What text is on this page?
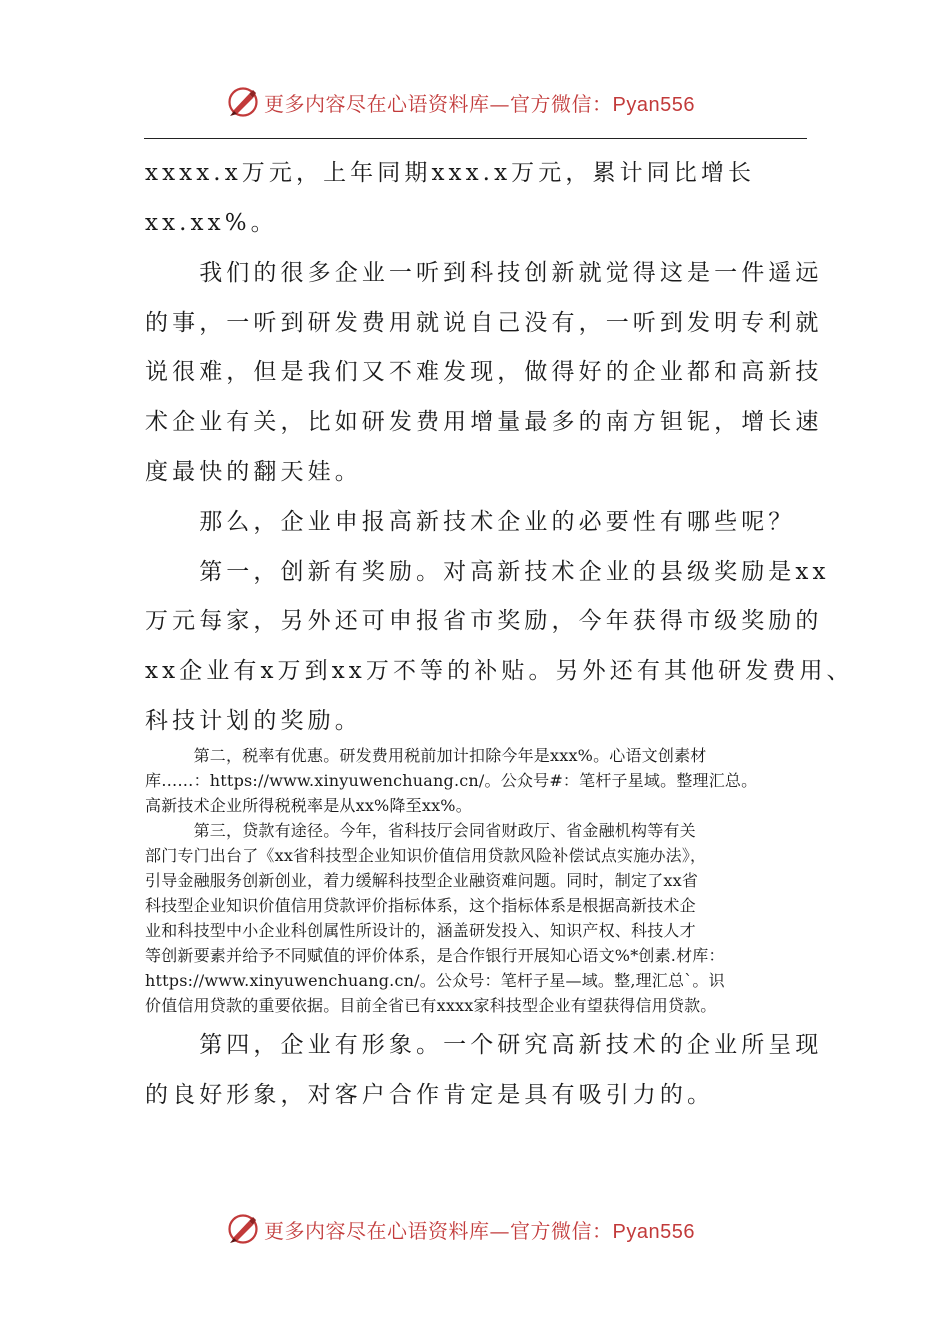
更多内容尽在心语资料库—官方微信：Pyan556
xxxx.x万元，上年同期xxx.x万元，累计同比增长
xx.xx%。
　　我们的很多企业一听到科技创新就觉得这是一件遥远
的事，一听到研发费用就说自己没有，一听到发明专利就
说很难，但是我们又不难发现，做得好的企业都和高新技
术企业有关，比如研发费用增量最多的南方钽铌，增长速
度最快的翻天娃。
　　那么，企业申报高新技术企业的必要性有哪些呢？
　　第一，创新有奖励。对高新技术企业的县级奖励是xx
万元每家，另外还可申报省市奖励，今年获得市级奖励的
xx企业有x万到xx万不等的补贴。另外还有其他研发费用、
科技计划的奖励。
　　　第二，税率有优惠。研发费用税前加计扣除今年是xxx%。心语文创素材
库……：https://www.xinyuwenchuang.cn/。公众号#：笔杆子星域。整理汇总。
高新技术企业所得税税率是从xx%降至xx%。
　　　第三，贷款有途径。今年，省科技厅会同省财政厅、省金融机构等有关
部门专门出台了《xx省科技型企业知识价值信用贷款风险补偿试点实施办法》，
引导金融服务创新创业，着力缓解科技型企业融资难问题。同时，制定了xx省
科技型企业知识价值信用贷款评价指标体系，这个指标体系是根据高新技术企
业和科技型中小企业科创属性所设计的，涵盖研发投入、知识产权、科技人才
等创新要素并给予不同赋值的评价体系，是合作银行开展知心语文%*创素.材库：
https://www.xinyuwenchuang.cn/。公众号：笔杆子星—域。整,理汇总`。识
价值信用贷款的重要依据。目前全省已有xxxx家科技型企业有望获得信用贷款。
　　第四，企业有形象。一个研究高新技术的企业所呈现
的良好形象，对客户合作肯定是具有吸引力的。
更多内容尽在心语资料库—官方微信：Pyan556
